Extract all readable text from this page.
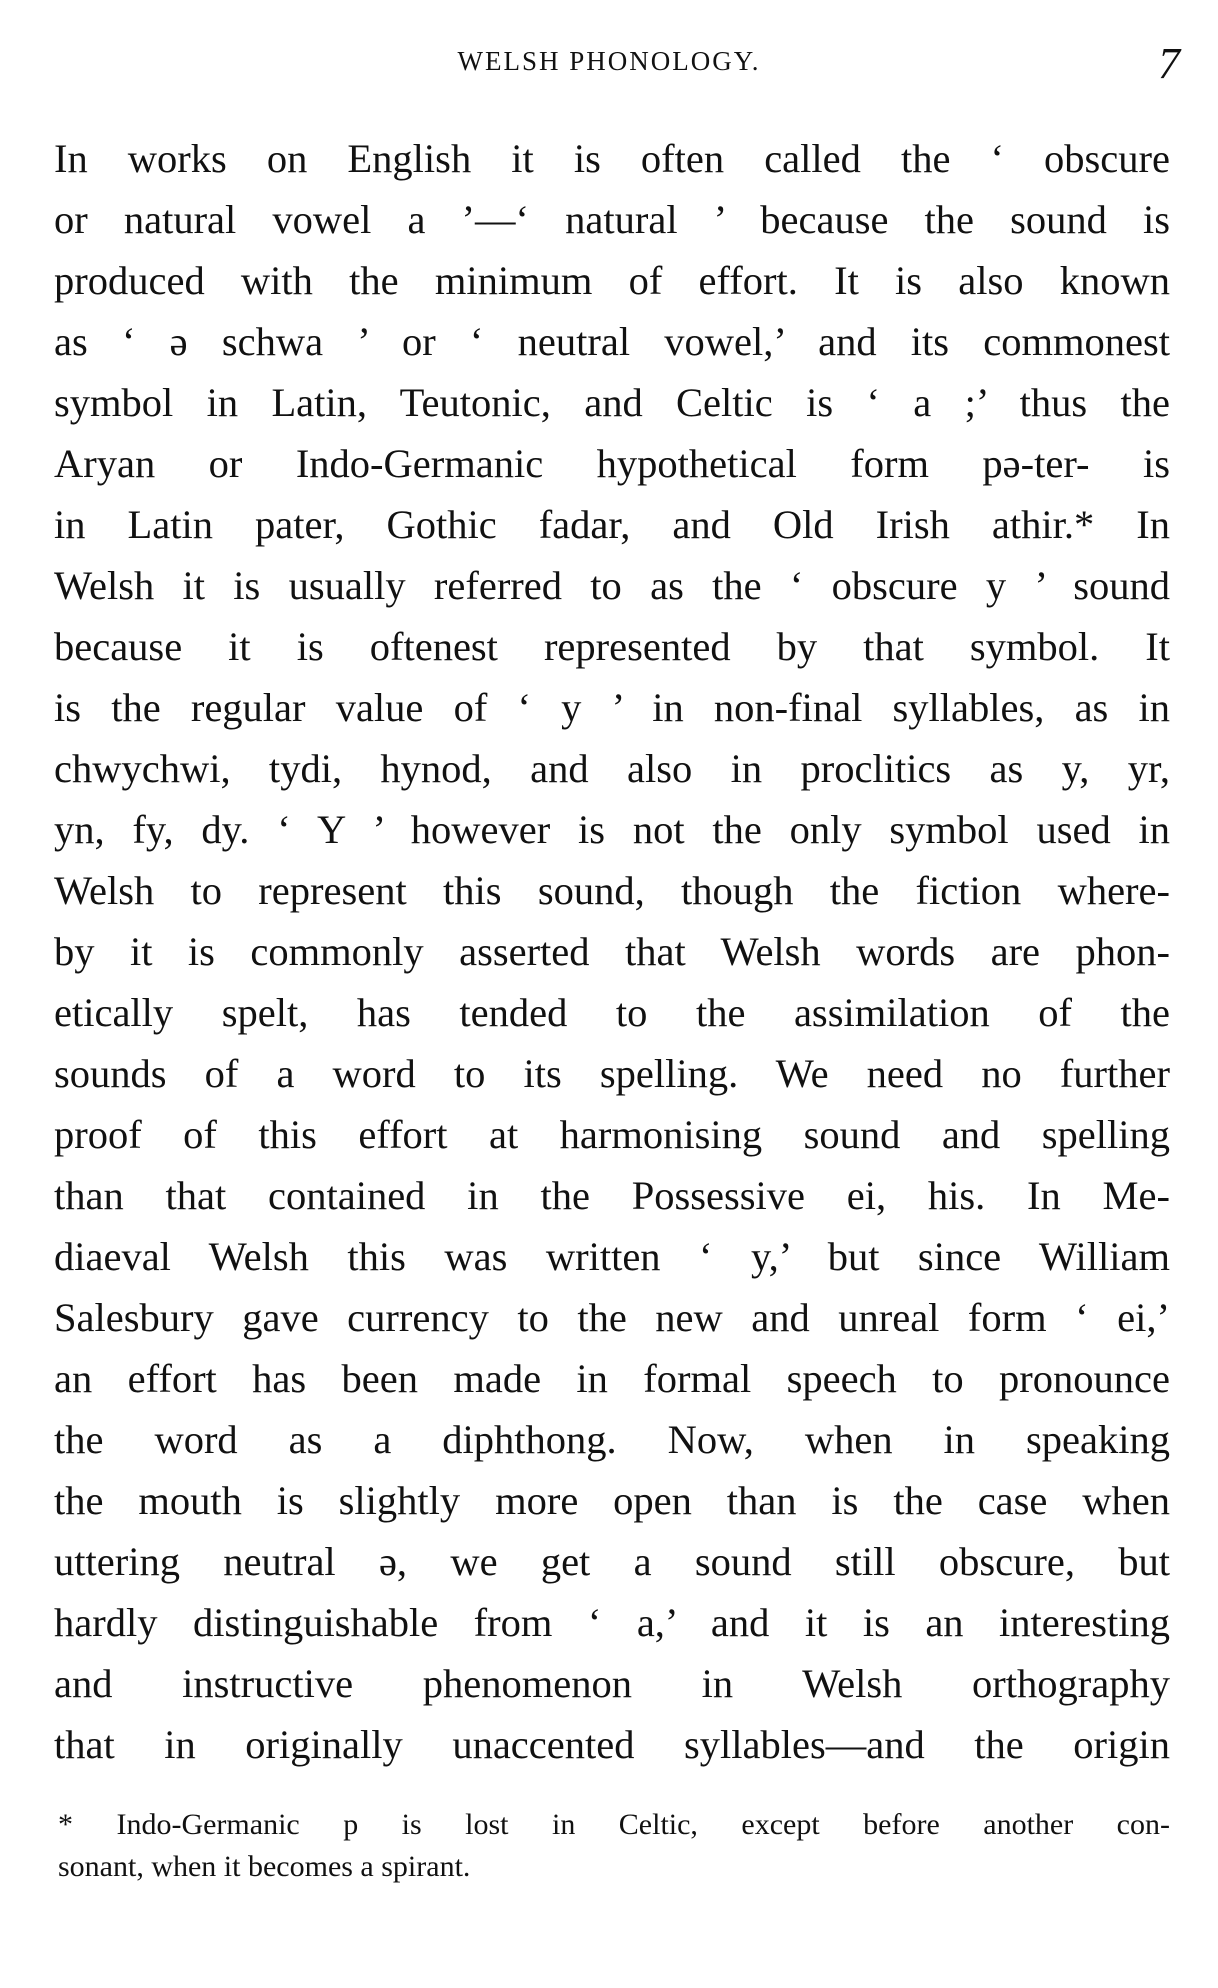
WELSH PHONOLOGY.	7
In works on English it is often called the ‘ obscure
or natural vowel a ’—‘ natural ’ because the sound is
produced with the minimum of effort. It is also known
as ‘ ə schwa ’ or ‘ neutral vowel,’ and its commonest
symbol in Latin, Teutonic, and Celtic is ‘ a ;’ thus the
Aryan or Indo-Germanic hypothetical form pə-ter- is
in Latin pater, Gothic fadar, and Old Irish athir.* In
Welsh it is usually referred to as the ‘ obscure y ’ sound
because it is oftenest represented by that symbol. It
is the regular value of ‘ y ’ in non-final syllables, as in
chwychwi, tydi, hynod, and also in proclitics as y, yr,
yn, fy, dy. ‘ Y ’ however is not the only symbol used in
Welsh to represent this sound, though the fiction where-
by it is commonly asserted that Welsh words are phon-
etically spelt, has tended to the assimilation of the
sounds of a word to its spelling. We need no further
proof of this effort at harmonising sound and spelling
than that contained in the Possessive ei, his. In Me-
diaeval Welsh this was written ‘ y,’ but since William
Salesbury gave currency to the new and unreal form ‘ ei,’
an effort has been made in formal speech to pronounce
the word as a diphthong. Now, when in speaking
the mouth is slightly more open than is the case when
uttering neutral ə, we get a sound still obscure, but
hardly distinguishable from ‘ a,’ and it is an interesting
and instructive phenomenon in Welsh orthography
that in originally unaccented syllables—and the origin
* Indo-Germanic p is lost in Celtic, except before another con-
sonant, when it becomes a spirant.
